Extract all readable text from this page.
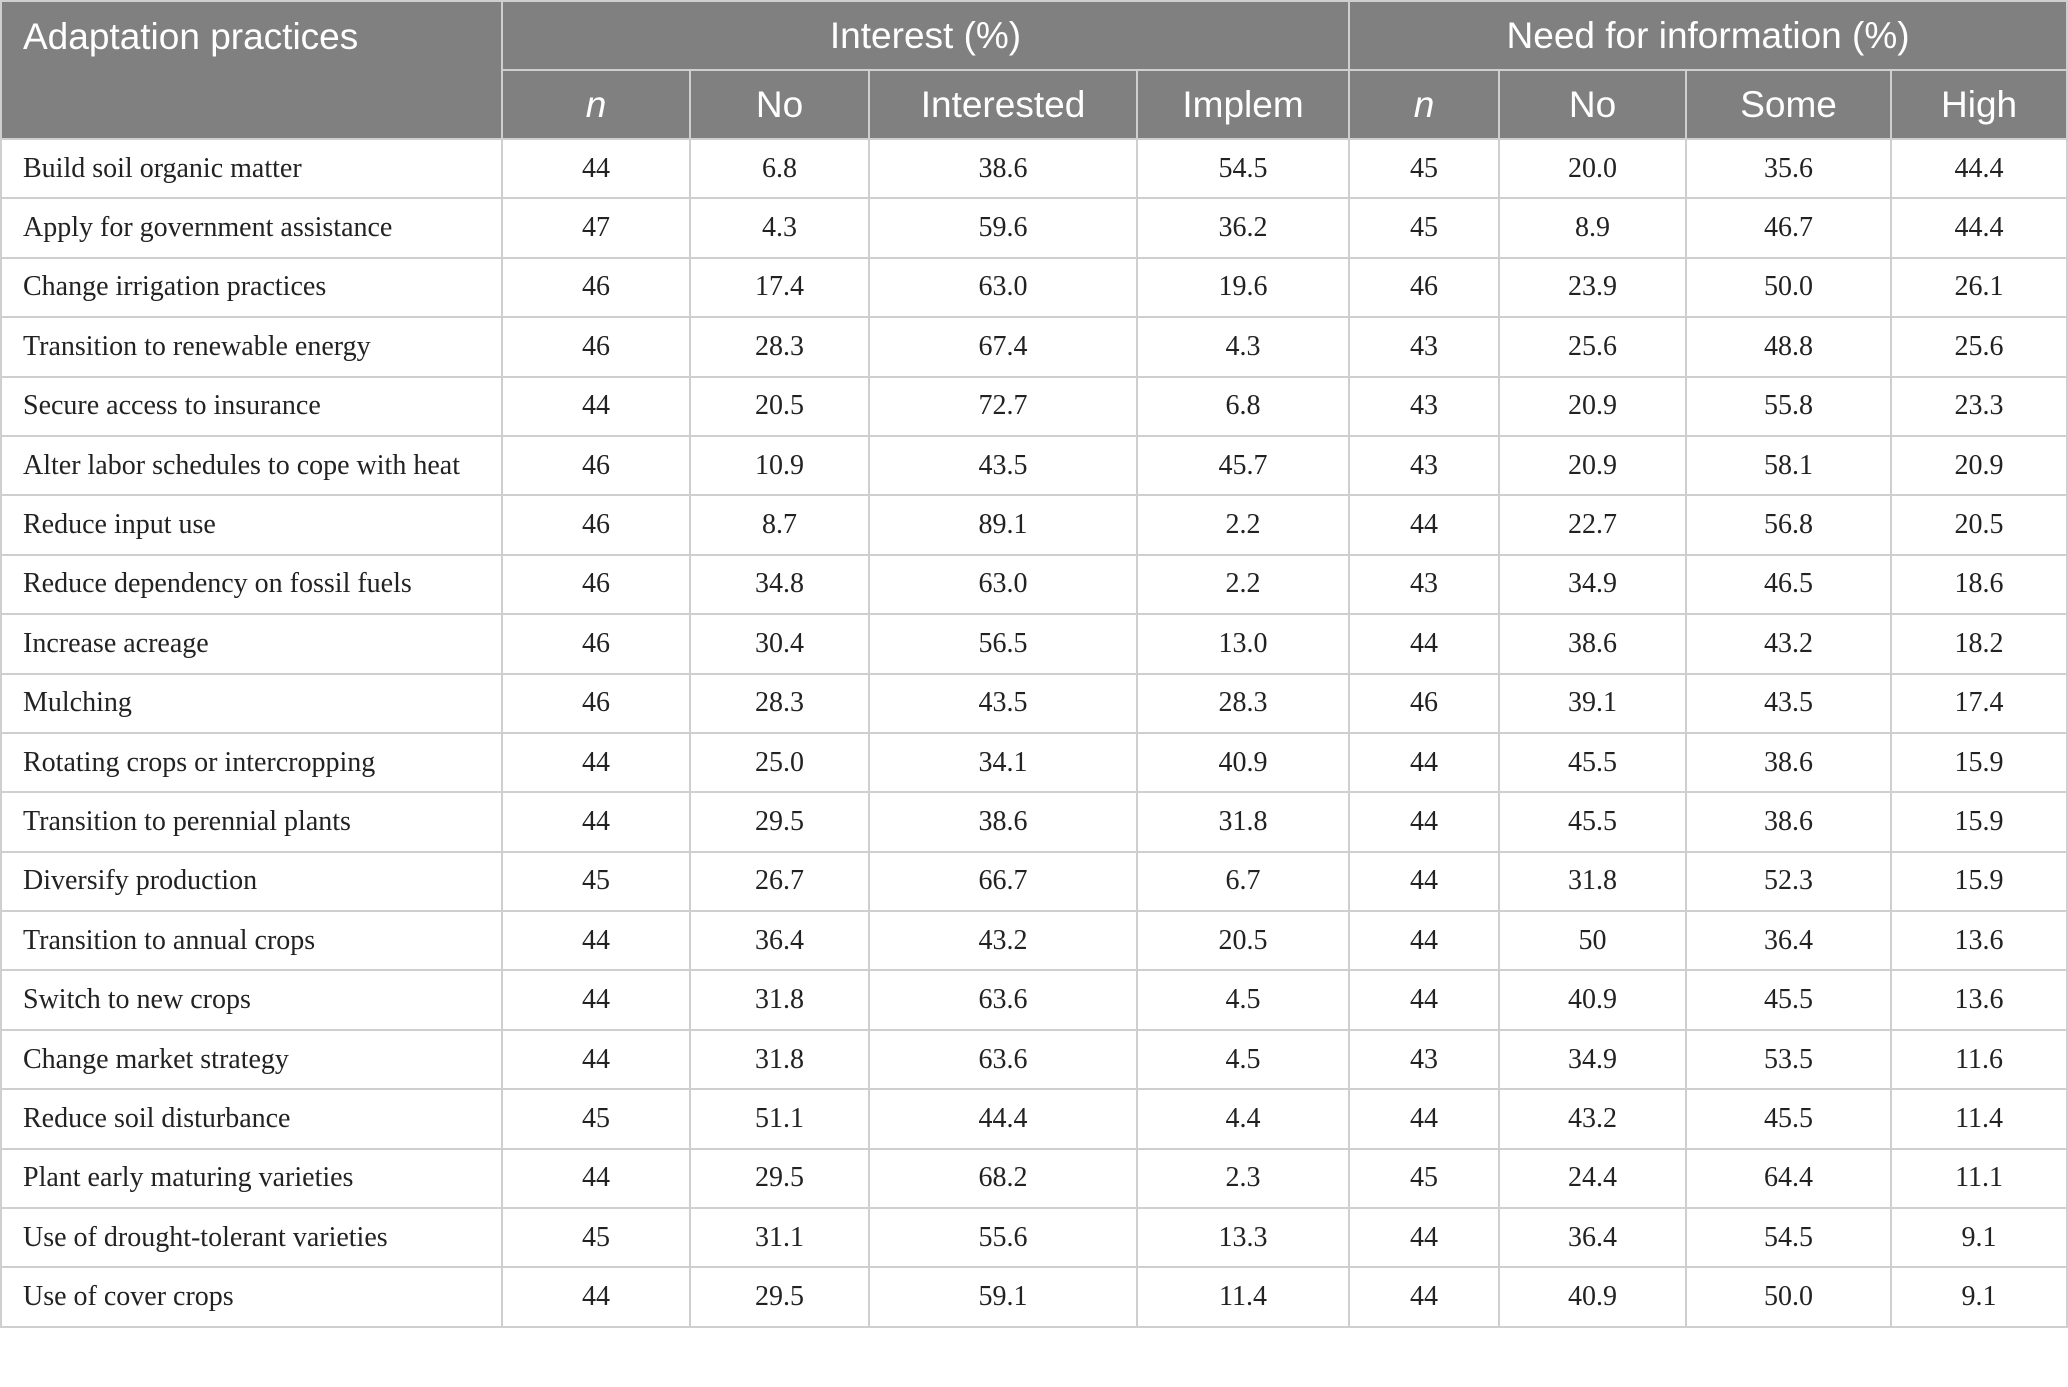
Adaptation practices	Interest (%)				Need for information (%)			
	n	No	Interested	Implem	n	No	Some	High
Build soil organic matter	44	6.8	38.6	54.5	45	20.0	35.6	44.4
Apply for government assistance	47	4.3	59.6	36.2	45	8.9	46.7	44.4
Change irrigation practices	46	17.4	63.0	19.6	46	23.9	50.0	26.1
Transition to renewable energy	46	28.3	67.4	4.3	43	25.6	48.8	25.6
Secure access to insurance	44	20.5	72.7	6.8	43	20.9	55.8	23.3
Alter labor schedules to cope with heat	46	10.9	43.5	45.7	43	20.9	58.1	20.9
Reduce input use	46	8.7	89.1	2.2	44	22.7	56.8	20.5
Reduce dependency on fossil fuels	46	34.8	63.0	2.2	43	34.9	46.5	18.6
Increase acreage	46	30.4	56.5	13.0	44	38.6	43.2	18.2
Mulching	46	28.3	43.5	28.3	46	39.1	43.5	17.4
Rotating crops or intercropping	44	25.0	34.1	40.9	44	45.5	38.6	15.9
Transition to perennial plants	44	29.5	38.6	31.8	44	45.5	38.6	15.9
Diversify production	45	26.7	66.7	6.7	44	31.8	52.3	15.9
Transition to annual crops	44	36.4	43.2	20.5	44	50	36.4	13.6
Switch to new crops	44	31.8	63.6	4.5	44	40.9	45.5	13.6
Change market strategy	44	31.8	63.6	4.5	43	34.9	53.5	11.6
Reduce soil disturbance	45	51.1	44.4	4.4	44	43.2	45.5	11.4
Plant early maturing varieties	44	29.5	68.2	2.3	45	24.4	64.4	11.1
Use of drought-tolerant varieties	45	31.1	55.6	13.3	44	36.4	54.5	9.1
Use of cover crops	44	29.5	59.1	11.4	44	40.9	50.0	9.1
